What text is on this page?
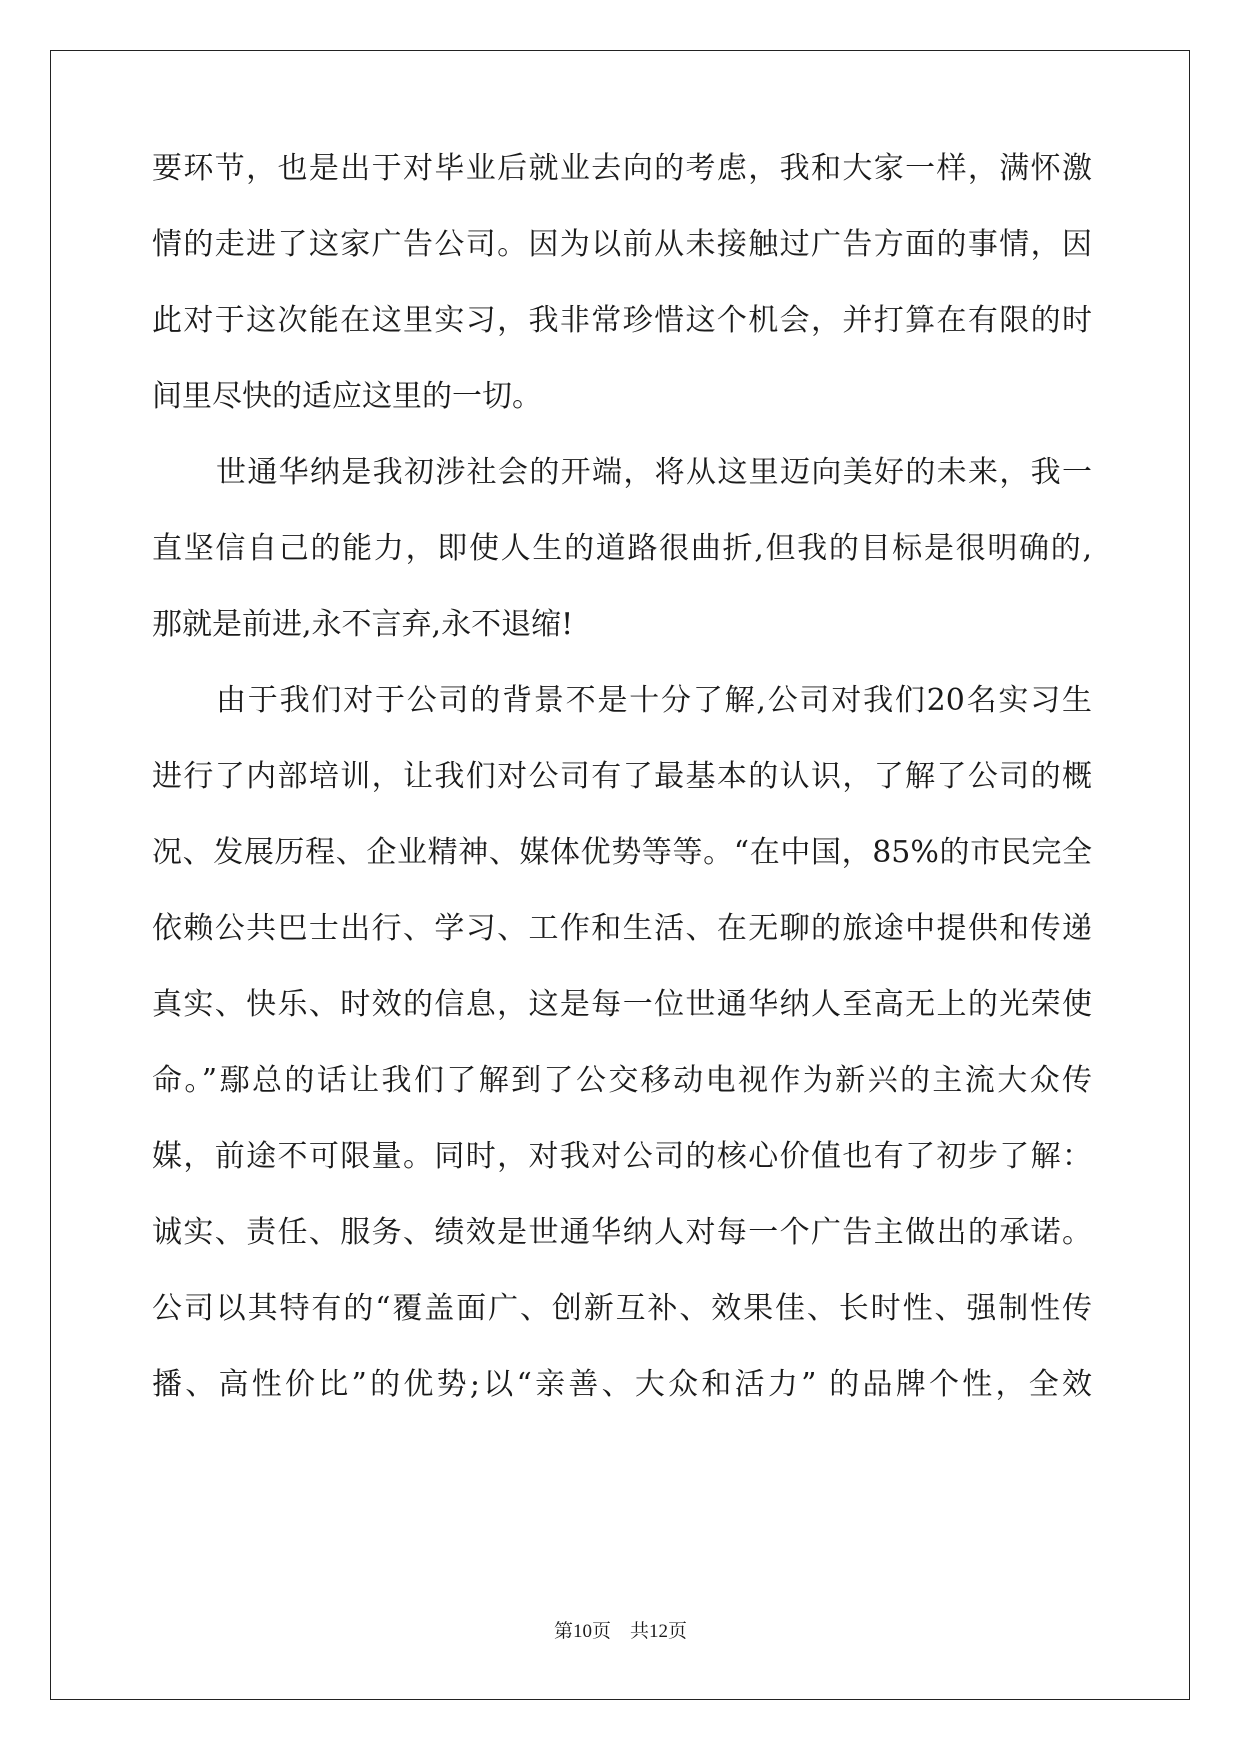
要环节，也是出于对毕业后就业去向的考虑，我和大家一样，满怀激
情的走进了这家广告公司。因为以前从未接触过广告方面的事情，因
此对于这次能在这里实习，我非常珍惜这个机会，并打算在有限的时
间里尽快的适应这里的一切。
世通华纳是我初涉社会的开端，将从这里迈向美好的未来，我一
直坚信自己的能力，即使人生的道路很曲折,但我的目标是很明确的,
那就是前进,永不言弃,永不退缩!
由于我们对于公司的背景不是十分了解,公司对我们20名实习生
进行了内部培训，让我们对公司有了最基本的认识，了解了公司的概
况、发展历程、企业精神、媒体优势等等。“在中国，85%的市民完全
依赖公共巴士出行、学习、工作和生活、在无聊的旅途中提供和传递
真实、快乐、时效的信息，这是每一位世通华纳人至高无上的光荣使
命。”鄢总的话让我们了解到了公交移动电视作为新兴的主流大众传
媒，前途不可限量。同时，对我对公司的核心价值也有了初步了解：
诚实、责任、服务、绩效是世通华纳人对每一个广告主做出的承诺。
公司以其特有的“覆盖面广、创新互补、效果佳、长时性、强制性传
播、高性价比”的优势;以“亲善、大众和活力” 的品牌个性，全效
第10页　共12页
